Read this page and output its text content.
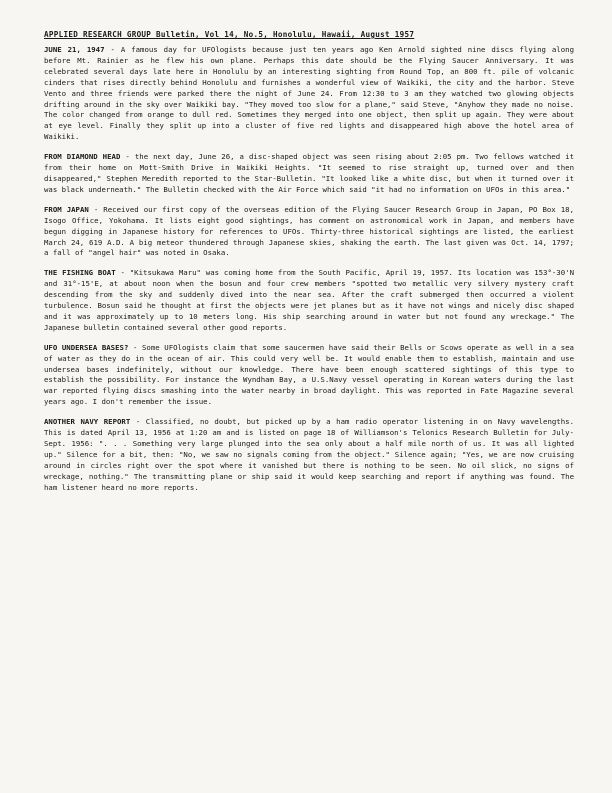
APPLIED RESEARCH GROUP Bulletin, Vol 14, No.5, Honolulu, Hawaii, August 1957

JUNE 21, 1947 - A famous day for UFOlogists because just ten years ago Ken Arnold sighted nine discs flying along before Mt. Rainier as he flew his own plane. Perhaps this date should be the Flying Saucer Anniversary. It was celebrated several days late here in Honolulu by an interesting sighting from Round Top, an 800 ft. pile of volcanic cinders that rises directly behind Honolulu and furnishes a wonderful view of Waikiki, the city and the harbor. Steve Vento and three friends were parked there the night of June 24. From 12:30 to 3 am they watched two glowing objects drifting around in the sky over Waikiki bay. "They moved too slow for a plane," said Steve, "Anyhow they made no noise. The color changed from orange to dull red. Sometimes they merged into one object, then split up again. They were about at eye level. Finally they split up into a cluster of five red lights and disappeared high above the hotel area of Waikiki.

FROM DIAMOND HEAD - the next day, June 26, a disc-shaped object was seen rising about 2:05 pm. Two fellows watched it from their home on Mott-Smith Drive in Waikiki Heights. "It seemed to rise straight up, turned over and then disappeared," Stephen Meredith reported to the Star-Bulletin. "It looked like a white disc, but when it turned over it was black underneath." The Bulletin checked with the Air Force which said "it had no information on UFOs in this area."

FROM JAPAN - Received our first copy of the overseas edition of the Flying Saucer Research Group in Japan, PO Box 18, Isogo Office, Yokohama. It lists eight good sightings, has comment on astronomical work in Japan, and members have begun digging in Japanese history for references to UFOs. Thirty-three historical sightings are listed, the earliest March 24, 619 A.D. A big meteor thundered through Japanese skies, shaking the earth. The last given was Oct. 14, 1797; a fall of "angel hair" was noted in Osaka.

THE FISHING BOAT - "Kitsukawa Maru" was coming home from the South Pacific, April 19, 1957. Its location was 153°-30'N and 31°-15'E, at about noon when the bosun and four crew members "spotted two metallic very silvery mystery craft descending from the sky and suddenly dived into the near sea. After the craft submerged then occurred a violent turbulence. Bosun said he thought at first the objects were jet planes but as it have not wings and nicely disc shaped and it was approximately up to 10 meters long. His ship searching around in water but not found any wreckage." The Japanese bulletin contained several other good reports.

UFO UNDERSEA BASES? - Some UFOlogists claim that some saucermen have said their Bells or Scows operate as well in a sea of water as they do in the ocean of air. This could very well be. It would enable them to establish, maintain and use undersea bases indefinitely, without our knowledge. There have been enough scattered sightings of this type to establish the possibility. For instance the Wyndham Bay, a U.S.Navy vessel operating in Korean waters during the last war reported flying discs smashing into the water nearby in broad daylight. This was reported in Fate Magazine several years ago. I don't remember the issue.

ANOTHER NAVY REPORT - Classified, no doubt, but picked up by a ham radio operator listening in on Navy wavelengths. This is dated April 13, 1956 at 1:20 am and is listed on page 18 of Williamson's Telonics Research Bulletin for July-Sept. 1956: ". . . Something very large plunged into the sea only about a half mile north of us. It was all lighted up." Silence for a bit, then: "No, we saw no signals coming from the object." Silence again; "Yes, we are now cruising around in circles right over the spot where it vanished but there is nothing to be seen. No oil slick, no signs of wreckage, nothing." The transmitting plane or ship said it would keep searching and report if anything was found. The ham listener heard no more reports.
